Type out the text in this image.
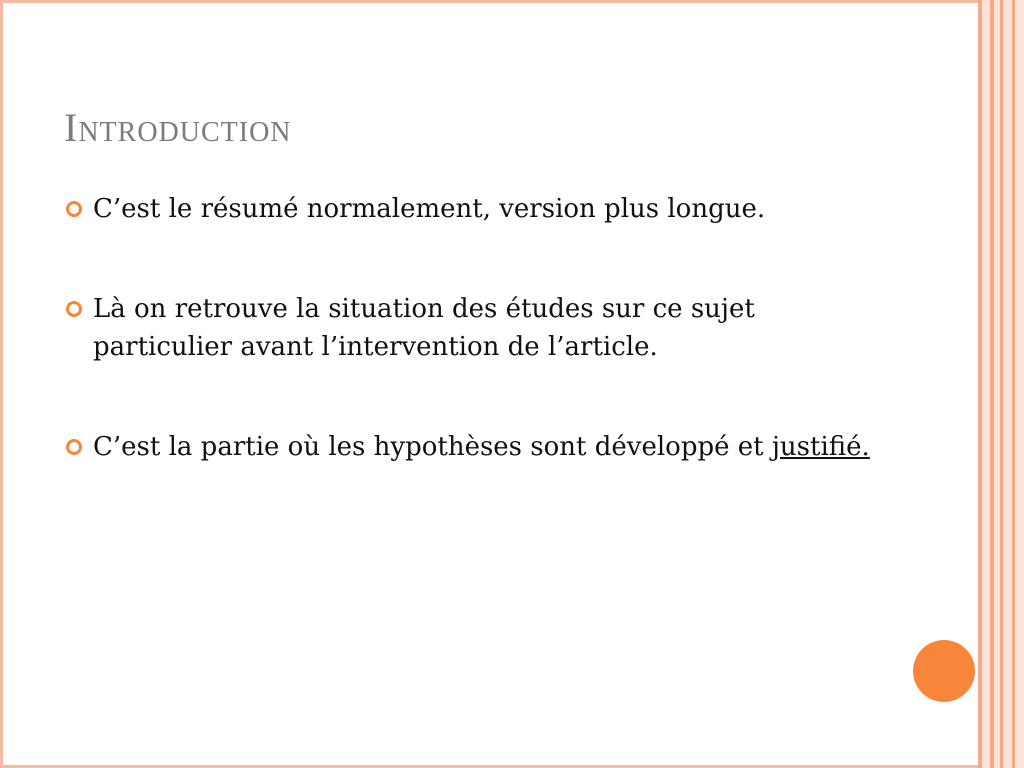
Introduction
C’est le résumé normalement, version plus longue.
Là on retrouve la situation des études sur ce sujet particulier avant l’intervention de l’article.
C’est la partie où les hypothèses sont développé et justifié.
